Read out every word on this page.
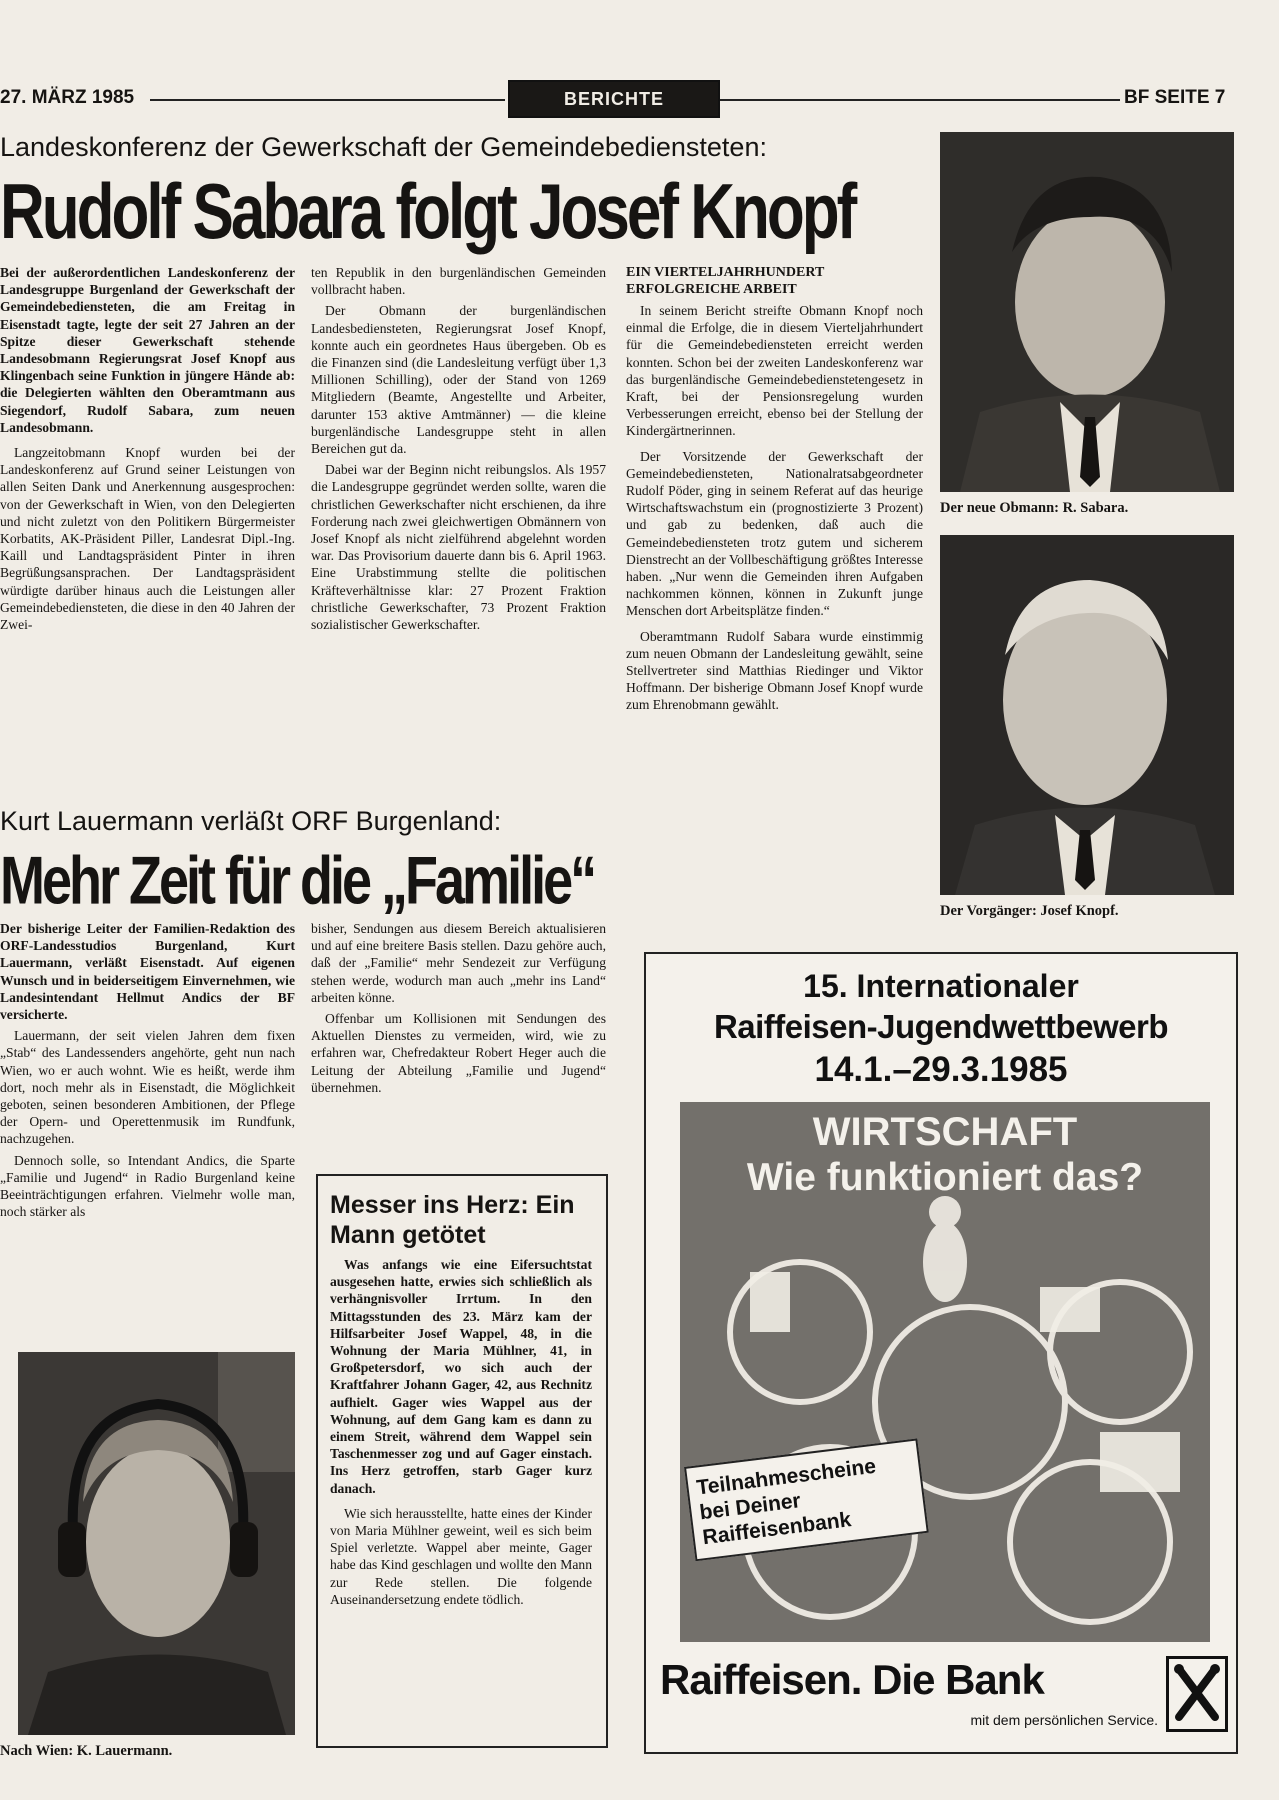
27. MÄRZ 1985	BERICHTE	BF SEITE 7
Landeskonferenz der Gewerkschaft der Gemeindebediensteten:
Rudolf Sabara folgt Josef Knopf

Bei der außerordentlichen Landeskonferenz der Landesgruppe Burgenland der Gewerkschaft der Gemeindebediensteten, die am Freitag in Eisenstadt tagte, legte der seit 27 Jahren an der Spitze dieser Gewerkschaft stehende Landesobmann Regierungsrat Josef Knopf aus Klingenbach seine Funktion in jüngere Hände ab: die Delegierten wählten den Oberamtmann aus Siegendorf, Rudolf Sabara, zum neuen Landesobmann.

Langzeitobmann Knopf wurden bei der Landeskonferenz auf Grund seiner Leistungen von allen Seiten Dank und Anerkennung ausgesprochen: von der Gewerkschaft in Wien, von den Delegierten und nicht zuletzt von den Politikern Bürgermeister Korbatits, AK-Präsident Piller, Landesrat Dipl.-Ing. Kaill und Landtagspräsident Pinter in ihren Begrüßungsansprachen. Der Landtagspräsident würdigte darüber hinaus auch die Leistungen aller Gemeindebediensteten, die diese in den 40 Jahren der Zwei-

ten Republik in den burgenländischen Gemeinden vollbracht haben.

Der Obmann der burgenländischen Landesbediensteten, Regierungsrat Josef Knopf, konnte auch ein geordnetes Haus übergeben. Ob es die Finanzen sind (die Landesleitung verfügt über 1,3 Millionen Schilling), oder der Stand von 1269 Mitgliedern (Beamte, Angestellte und Arbeiter, darunter 153 aktive Amtmänner) — die kleine burgenländische Landesgruppe steht in allen Bereichen gut da.

Dabei war der Beginn nicht reibungslos. Als 1957 die Landesgruppe gegründet werden sollte, waren die christlichen Gewerkschafter nicht erschienen, da ihre Forderung nach zwei gleichwertigen Obmännern von Josef Knopf als nicht zielführend abgelehnt worden war. Das Provisorium dauerte dann bis 6. April 1963. Eine Urabstimmung stellte die politischen Kräfteverhältnisse klar: 27 Prozent Fraktion christliche Gewerkschafter, 73 Prozent Fraktion sozialistischer Gewerkschafter.

EIN VIERTELJAHRHUNDERT ERFOLGREICHE ARBEIT

In seinem Bericht streifte Obmann Knopf noch einmal die Erfolge, die in diesem Vierteljahrhundert für die Gemeindebediensteten erreicht werden konnten. Schon bei der zweiten Landeskonferenz war das burgenländische Gemeindebedienstetengesetz in Kraft, bei der Pensionsregelung wurden Verbesserungen erreicht, ebenso bei der Stellung der Kindergärtnerinnen.

Der Vorsitzende der Gewerkschaft der Gemeindebediensteten, Nationalratsabgeordneter Rudolf Pöder, ging in seinem Referat auf das heurige Wirtschaftswachstum ein (prognostizierte 3 Prozent) und gab zu bedenken, daß auch die Gemeindebediensteten trotz gutem und sicherem Dienstrecht an der Vollbeschäftigung größtes Interesse haben. „Nur wenn die Gemeinden ihren Aufgaben nachkommen können, können in Zukunft junge Menschen dort Arbeitsplätze finden.“

Oberamtmann Rudolf Sabara wurde einstimmig zum neuen Obmann der Landesleitung gewählt, seine Stellvertreter sind Matthias Riedinger und Viktor Hoffmann. Der bisherige Obmann Josef Knopf wurde zum Ehrenobmann gewählt.

Der neue Obmann: R. Sabara.
Der Vorgänger: Josef Knopf.
Kurt Lauermann verläßt ORF Burgenland:
Mehr Zeit für die „Familie“

Der bisherige Leiter der Familien-Redaktion des ORF-Landesstudios Burgenland, Kurt Lauermann, verläßt Eisenstadt. Auf eigenen Wunsch und in beiderseitigem Einvernehmen, wie Landesintendant Hellmut Andics der BF versicherte.

Lauermann, der seit vielen Jahren dem fixen „Stab“ des Landessenders angehörte, geht nun nach Wien, wo er auch wohnt. Wie es heißt, werde ihm dort, noch mehr als in Eisenstadt, die Möglichkeit geboten, seinen besonderen Ambitionen, der Pflege der Opern- und Operettenmusik im Rundfunk, nachzugehen.

Dennoch solle, so Intendant Andics, die Sparte „Familie und Jugend“ in Radio Burgenland keine Beeinträchtigungen erfahren. Vielmehr wolle man, noch stärker als

bisher, Sendungen aus diesem Bereich aktualisieren und auf eine breitere Basis stellen. Dazu gehöre auch, daß der „Familie“ mehr Sendezeit zur Verfügung stehen werde, wodurch man auch „mehr ins Land“ arbeiten könne.

Offenbar um Kollisionen mit Sendungen des Aktuellen Dienstes zu vermeiden, wird, wie zu erfahren war, Chefredakteur Robert Heger auch die Leitung der Abteilung „Familie und Jugend“ übernehmen.

Nach Wien: K. Lauermann.
Messer ins Herz: Ein Mann getötet

Was anfangs wie eine Eifersuchtstat ausgesehen hatte, erwies sich schließlich als verhängnisvoller Irrtum. In den Mittagsstunden des 23. März kam der Hilfsarbeiter Josef Wappel, 48, in die Wohnung der Maria Mühlner, 41, in Großpetersdorf, wo sich auch der Kraftfahrer Johann Gager, 42, aus Rechnitz aufhielt. Gager wies Wappel aus der Wohnung, auf dem Gang kam es dann zu einem Streit, während dem Wappel sein Taschenmesser zog und auf Gager einstach. Ins Herz getroffen, starb Gager kurz danach.

Wie sich herausstellte, hatte eines der Kinder von Maria Mühlner geweint, weil es sich beim Spiel verletzte. Wappel aber meinte, Gager habe das Kind geschlagen und wollte den Mann zur Rede stellen. Die folgende Auseinandersetzung endete tödlich.

15. Internationaler
Raiffeisen-Jugendwettbewerb
14.1.–29.3.1985
WIRTSCHAFT
Wie funktioniert das?
Teilnahmescheine bei Deiner Raiffeisenbank
Raiffeisen. Die Bank
mit dem persönlichen Service.
